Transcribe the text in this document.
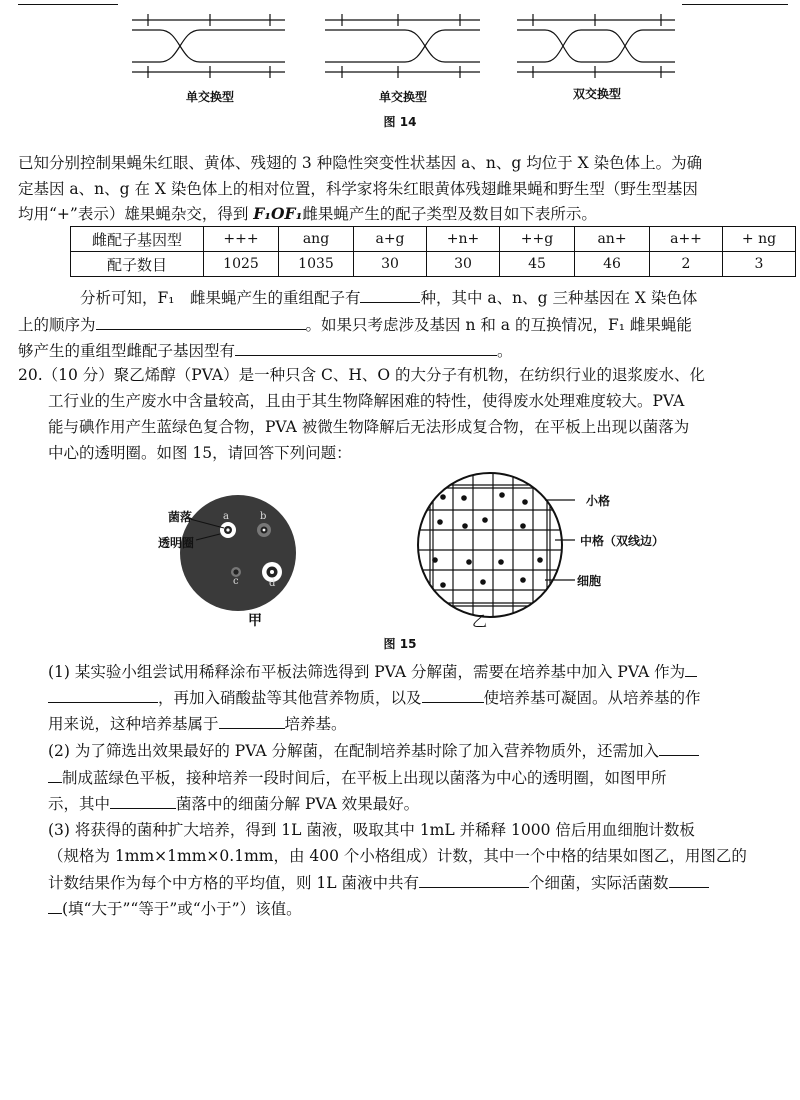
单交换型	单交换型	双交换型
图 14
已知分别控制果蝇朱红眼、黄体、残翅的 3 种隐性突变性状基因 a、n、g 均位于 X 染色体上。为确
定基因 a、n、g 在 X 染色体上的相对位置，科学家将朱红眼黄体残翅雌果蝇和野生型（野生型基因
均用“+”表示）雄果蝇杂交，得到 F₁OF₁雌果蝇产生的配子类型及数目如下表所示。
雌配子基因型	+++	ang	a+g	+n+	++g	an+	a++	+ ng
配子数目	1025	1035	30	30	45	46	2	3
分析可知，F₁　雌果蝇产生的重组配子有	种，其中 a、n、g 三种基因在 X 染色体
上的顺序为	。如果只考虑涉及基因 n 和 a 的互换情况，F₁ 雌果蝇能
够产生的重组型雌配子基因型有	。
20.（10 分）聚乙烯醇（PVA）是一种只含 C、H、O 的大分子有机物，在纺织行业的退浆废水、化
工行业的生产废水中含量较高，且由于其生物降解困难的特性，使得废水处理难度较大。PVA
能与碘作用产生蓝绿色复合物，PVA 被微生物降解后无法形成复合物，在平板上出现以菌落为
中心的透明圈。如图 15，请回答下列问题：
菌落
透明圈
a	b
c	d
甲
小格
中格（双线边）
细胞
乙
图 15
(1) 某实验小组尝试用稀释涂布平板法筛选得到 PVA 分解菌，需要在培养基中加入 PVA 作为
，再加入硝酸盐等其他营养物质，以及	使培养基可凝固。从培养基的作
用来说，这种培养基属于	培养基。
(2) 为了筛选出效果最好的 PVA 分解菌，在配制培养基时除了加入营养物质外，还需加入
制成蓝绿色平板，接种培养一段时间后，在平板上出现以菌落为中心的透明圈，如图甲所
示，其中	菌落中的细菌分解 PVA 效果最好。
(3) 将获得的菌种扩大培养，得到 1L 菌液，吸取其中 1mL 并稀释 1000 倍后用血细胞计数板
（规格为 1mm×1mm×0.1mm，由 400 个小格组成）计数，其中一个中格的结果如图乙，用图乙的
计数结果作为每个中方格的平均值，则 1L 菌液中共有	个细菌，实际活菌数
(填“大于”“等于”或“小于”）该值。
